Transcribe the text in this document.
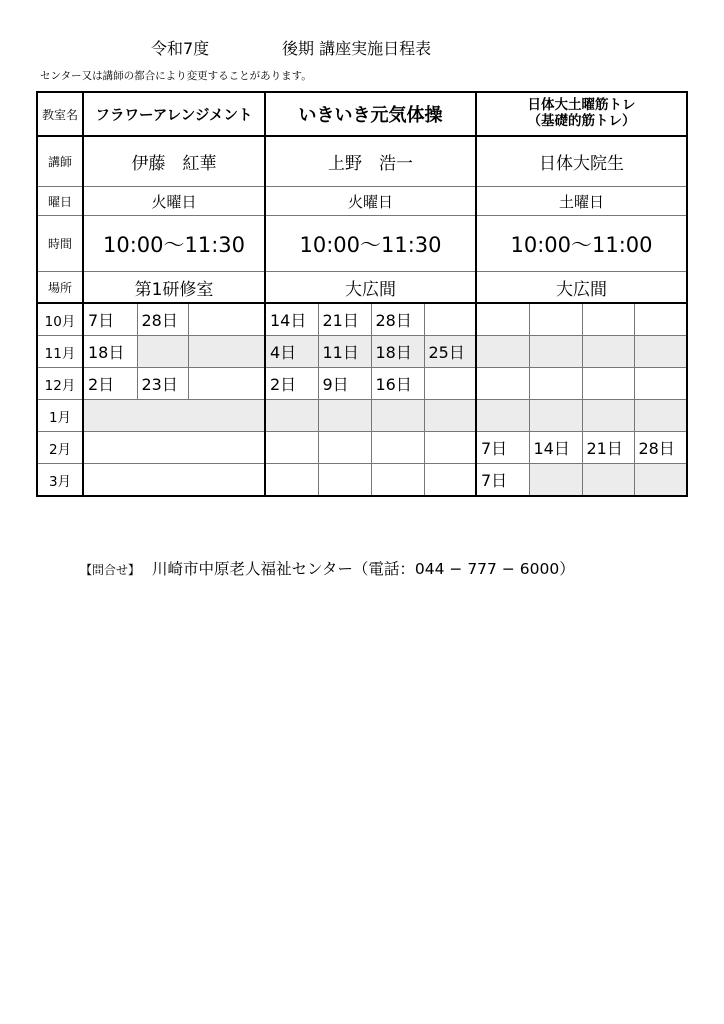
令和7度	後期 講座実施日程表
センター又は講師の都合により変更することがあります。
教室名	フラワーアレンジメント			いきいき元気体操				日体大土曜筋トレ
（基礎的筋トレ）			

講師	伊藤　紅華			上野　浩一				日体大院生			
曜日	火曜日			火曜日				土曜日			
時間	10:00～11:30			10:00～11:30				10:00～11:00			
場所	第1研修室			大広間				大広間			
10月	7日	28日		14日	21日	28日					
11月	18日			4日	11日	18日	25日				
12月	2日	23日		2日	9日	16日					
1月											
2月								7日	14日	21日	28日
3月								7日			
【問合せ】 川崎市中原老人福祉センター（電話：044 − 777 − 6000）
